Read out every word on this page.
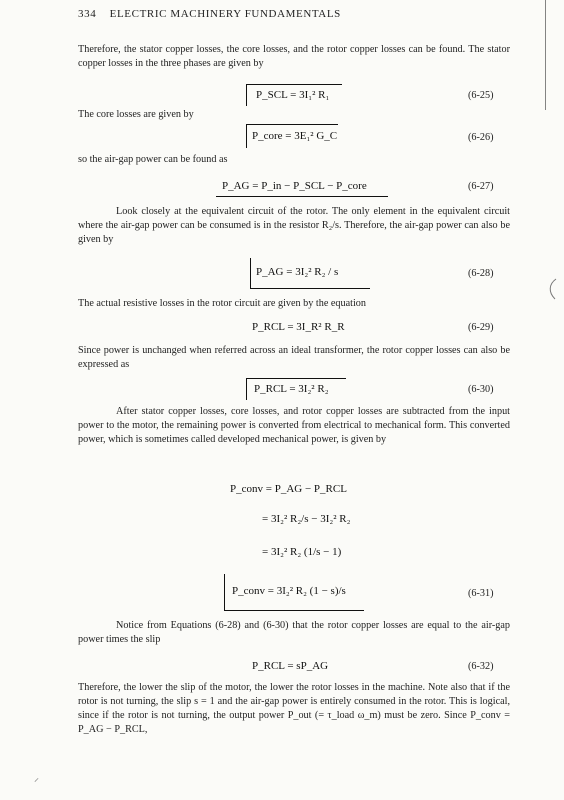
334 ELECTRIC MACHINERY FUNDAMENTALS
Therefore, the stator copper losses, the core losses, and the rotor copper losses can be found. The stator copper losses in the three phases are given by
P_SCL = 3I₁² R₁	(6-25)
The core losses are given by
P_core = 3E₁² G_C	(6-26)
so the air-gap power can be found as
P_AG = P_in − P_SCL − P_core	(6-27)
Look closely at the equivalent circuit of the rotor. The only element in the equivalent circuit where the air-gap power can be consumed is in the resistor R₂/s. Therefore, the air-gap power can also be given by
P_AG = 3I₂² R₂ / s	(6-28)
The actual resistive losses in the rotor circuit are given by the equation
P_RCL = 3I_R² R_R	(6-29)
Since power is unchanged when referred across an ideal transformer, the rotor copper losses can also be expressed as
P_RCL = 3I₂² R₂	(6-30)
After stator copper losses, core losses, and rotor copper losses are subtracted from the input power to the motor, the remaining power is converted from electrical to mechanical form. This converted power, which is sometimes called developed mechanical power, is given by
P_conv = P_AG − P_RCL
= 3I₂² R₂/s − 3I₂² R₂
= 3I₂² R₂ (1/s − 1)
P_conv = 3I₂² R₂ (1 − s)/s	(6-31)
Notice from Equations (6-28) and (6-30) that the rotor copper losses are equal to the air-gap power times the slip
P_RCL = sP_AG	(6-32)
Therefore, the lower the slip of the motor, the lower the rotor losses in the machine. Note also that if the rotor is not turning, the slip s = 1 and the air-gap power is entirely consumed in the rotor. This is logical, since if the rotor is not turning, the output power P_out (= τ_load ω_m) must be zero. Since P_conv = P_AG − P_RCL,
⸝
